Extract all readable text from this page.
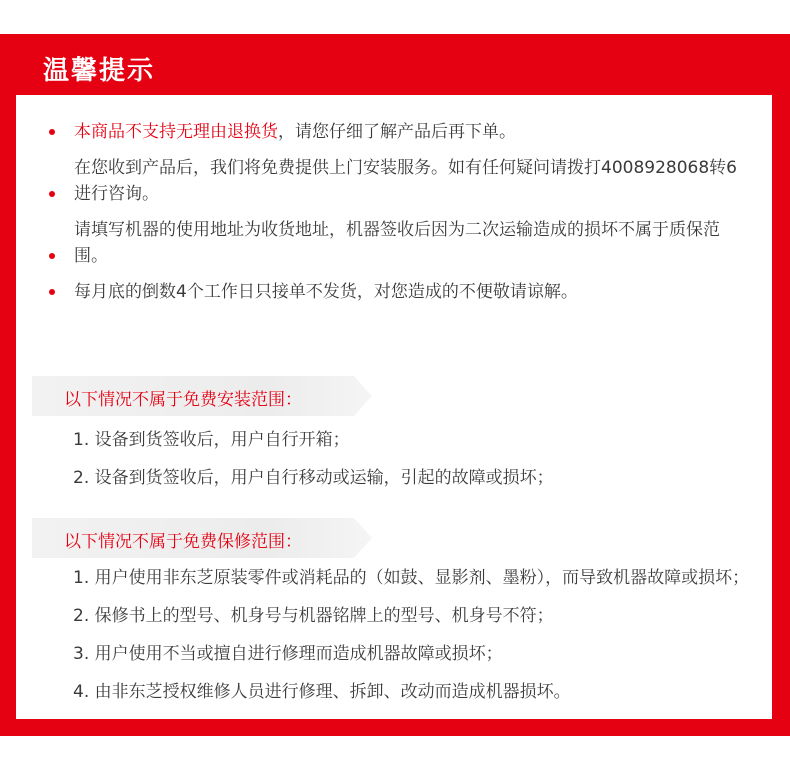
温馨提示
本商品不支持无理由退换货，请您仔细了解产品后再下单。
在您收到产品后，我们将免费提供上门安装服务。如有任何疑问请拨打4008928068转6进行咨询。
请填写机器的使用地址为收货地址，机器签收后因为二次运输造成的损坏不属于质保范围。
每月底的倒数4个工作日只接单不发货，对您造成的不便敬请谅解。
以下情况不属于免费安装范围：
1. 设备到货签收后，用户自行开箱；
2. 设备到货签收后，用户自行移动或运输，引起的故障或损坏；
以下情况不属于免费保修范围：
1. 用户使用非东芝原装零件或消耗品的（如鼓、显影剂、墨粉），而导致机器故障或损坏；
2. 保修书上的型号、机身号与机器铭牌上的型号、机身号不符；
3. 用户使用不当或擅自进行修理而造成机器故障或损坏；
4. 由非东芝授权维修人员进行修理、拆卸、改动而造成机器损坏。
